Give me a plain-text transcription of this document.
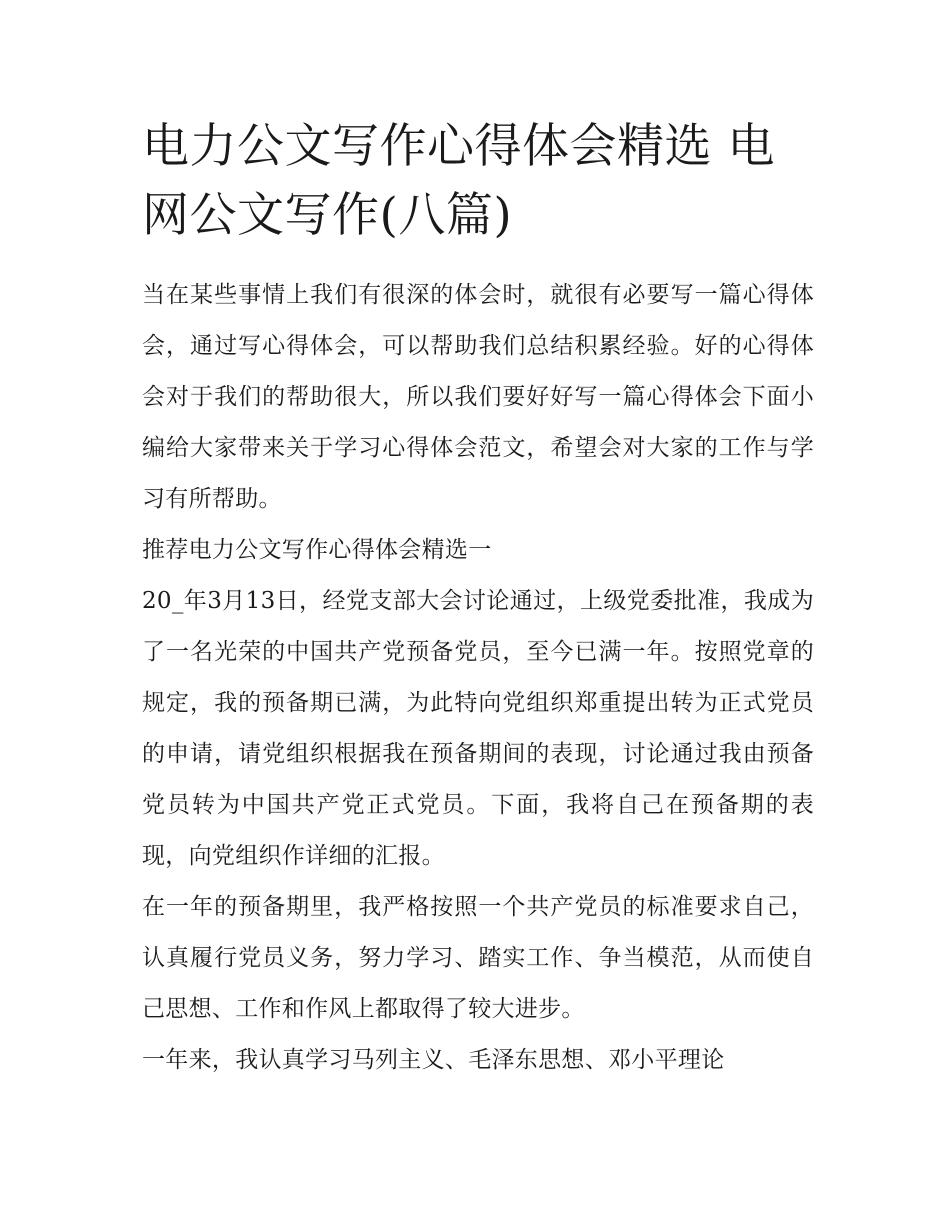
电力公文写作心得体会精选 电网公文写作(八篇)

当在某些事情上我们有很深的体会时，就很有必要写一篇心得体会，通过写心得体会，可以帮助我们总结积累经验。好的心得体会对于我们的帮助很大，所以我们要好好写一篇心得体会下面小编给大家带来关于学习心得体会范文，希望会对大家的工作与学习有所帮助。

推荐电力公文写作心得体会精选一

20_年3月13日，经党支部大会讨论通过，上级党委批准，我成为了一名光荣的中国共产党预备党员，至今已满一年。按照党章的规定，我的预备期已满，为此特向党组织郑重提出转为正式党员的申请，请党组织根据我在预备期间的表现，讨论通过我由预备党员转为中国共产党正式党员。下面，我将自己在预备期的表现，向党组织作详细的汇报。

在一年的预备期里，我严格按照一个共产党员的标准要求自己，认真履行党员义务，努力学习、踏实工作、争当模范，从而使自己思想、工作和作风上都取得了较大进步。

一年来，我认真学习马列主义、毛泽东思想、邓小平理论
